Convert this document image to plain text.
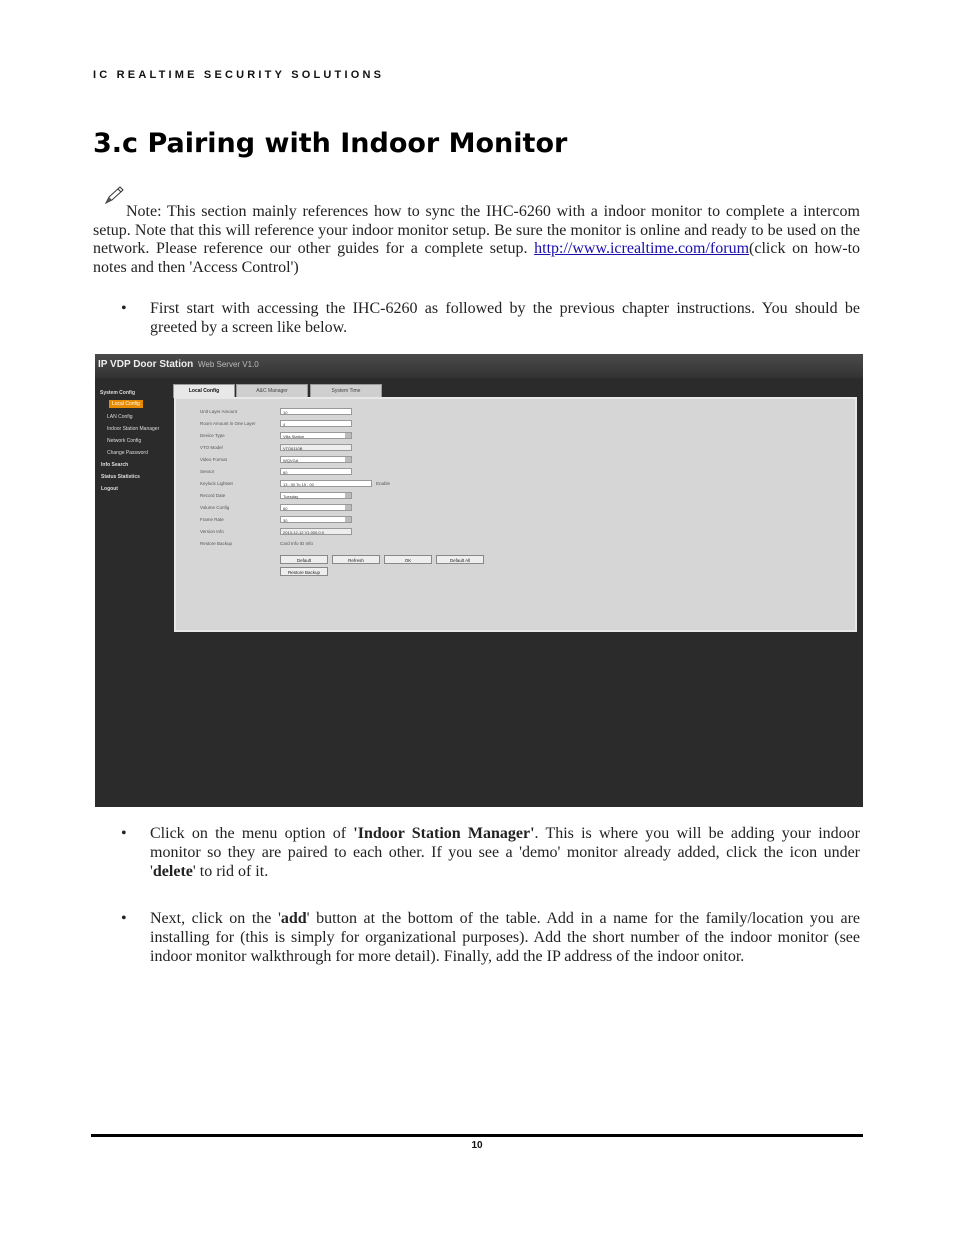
IC REALTIME SECURITY SOLUTIONS
3.c Pairing with Indoor Monitor
Note: This section mainly references how to sync the IHC-6260 with a indoor monitor to complete a intercom setup. Note that this will reference your indoor monitor setup. Be sure the monitor is online and ready to be used on the network. Please reference our other guides for a complete setup. http://www.icrealtime.com/forum(click on how-to notes and then 'Access Control')
• First start with accessing the IHC-6260 as followed by the previous chapter instructions. You should be greeted by a screen like below.
IP VDP Door Station Web Server V1.0
System Config
Local Config
LAN Config
Indoor Station Manager
Network Config
Change Password
Info Search
Status Statistics
Logout
Local Config	A&C Manager	System Time
Unit Layer Amount	10
Room Amount in One Layer	4
Device Type	Villa Station
VTO Model	VTO6110B
Video Format	WQVGA
Sensor	60
Keylock Lightset	13 : 00 To 15 : 00	Enable
Record Date	Tuesday
Volume Config	60
Frame Rate	30
Version Info	2013-12-12 V1.000.0.0
Restore Backup	Card Info ID Info
Default	Refresh	OK	Default All
Restore Backup
• Click on the menu option of 'Indoor Station Manager'. This is where you will be adding your indoor monitor so they are paired to each other. If you see a 'demo' monitor already added, click the icon under 'delete' to rid of it.
• Next, click on the 'add' button at the bottom of the table. Add in a name for the family/location you are installing for (this is simply for organizational purposes). Add the short number of the indoor monitor (see indoor monitor walkthrough for more detail). Finally, add the IP address of the indoor onitor.
10
